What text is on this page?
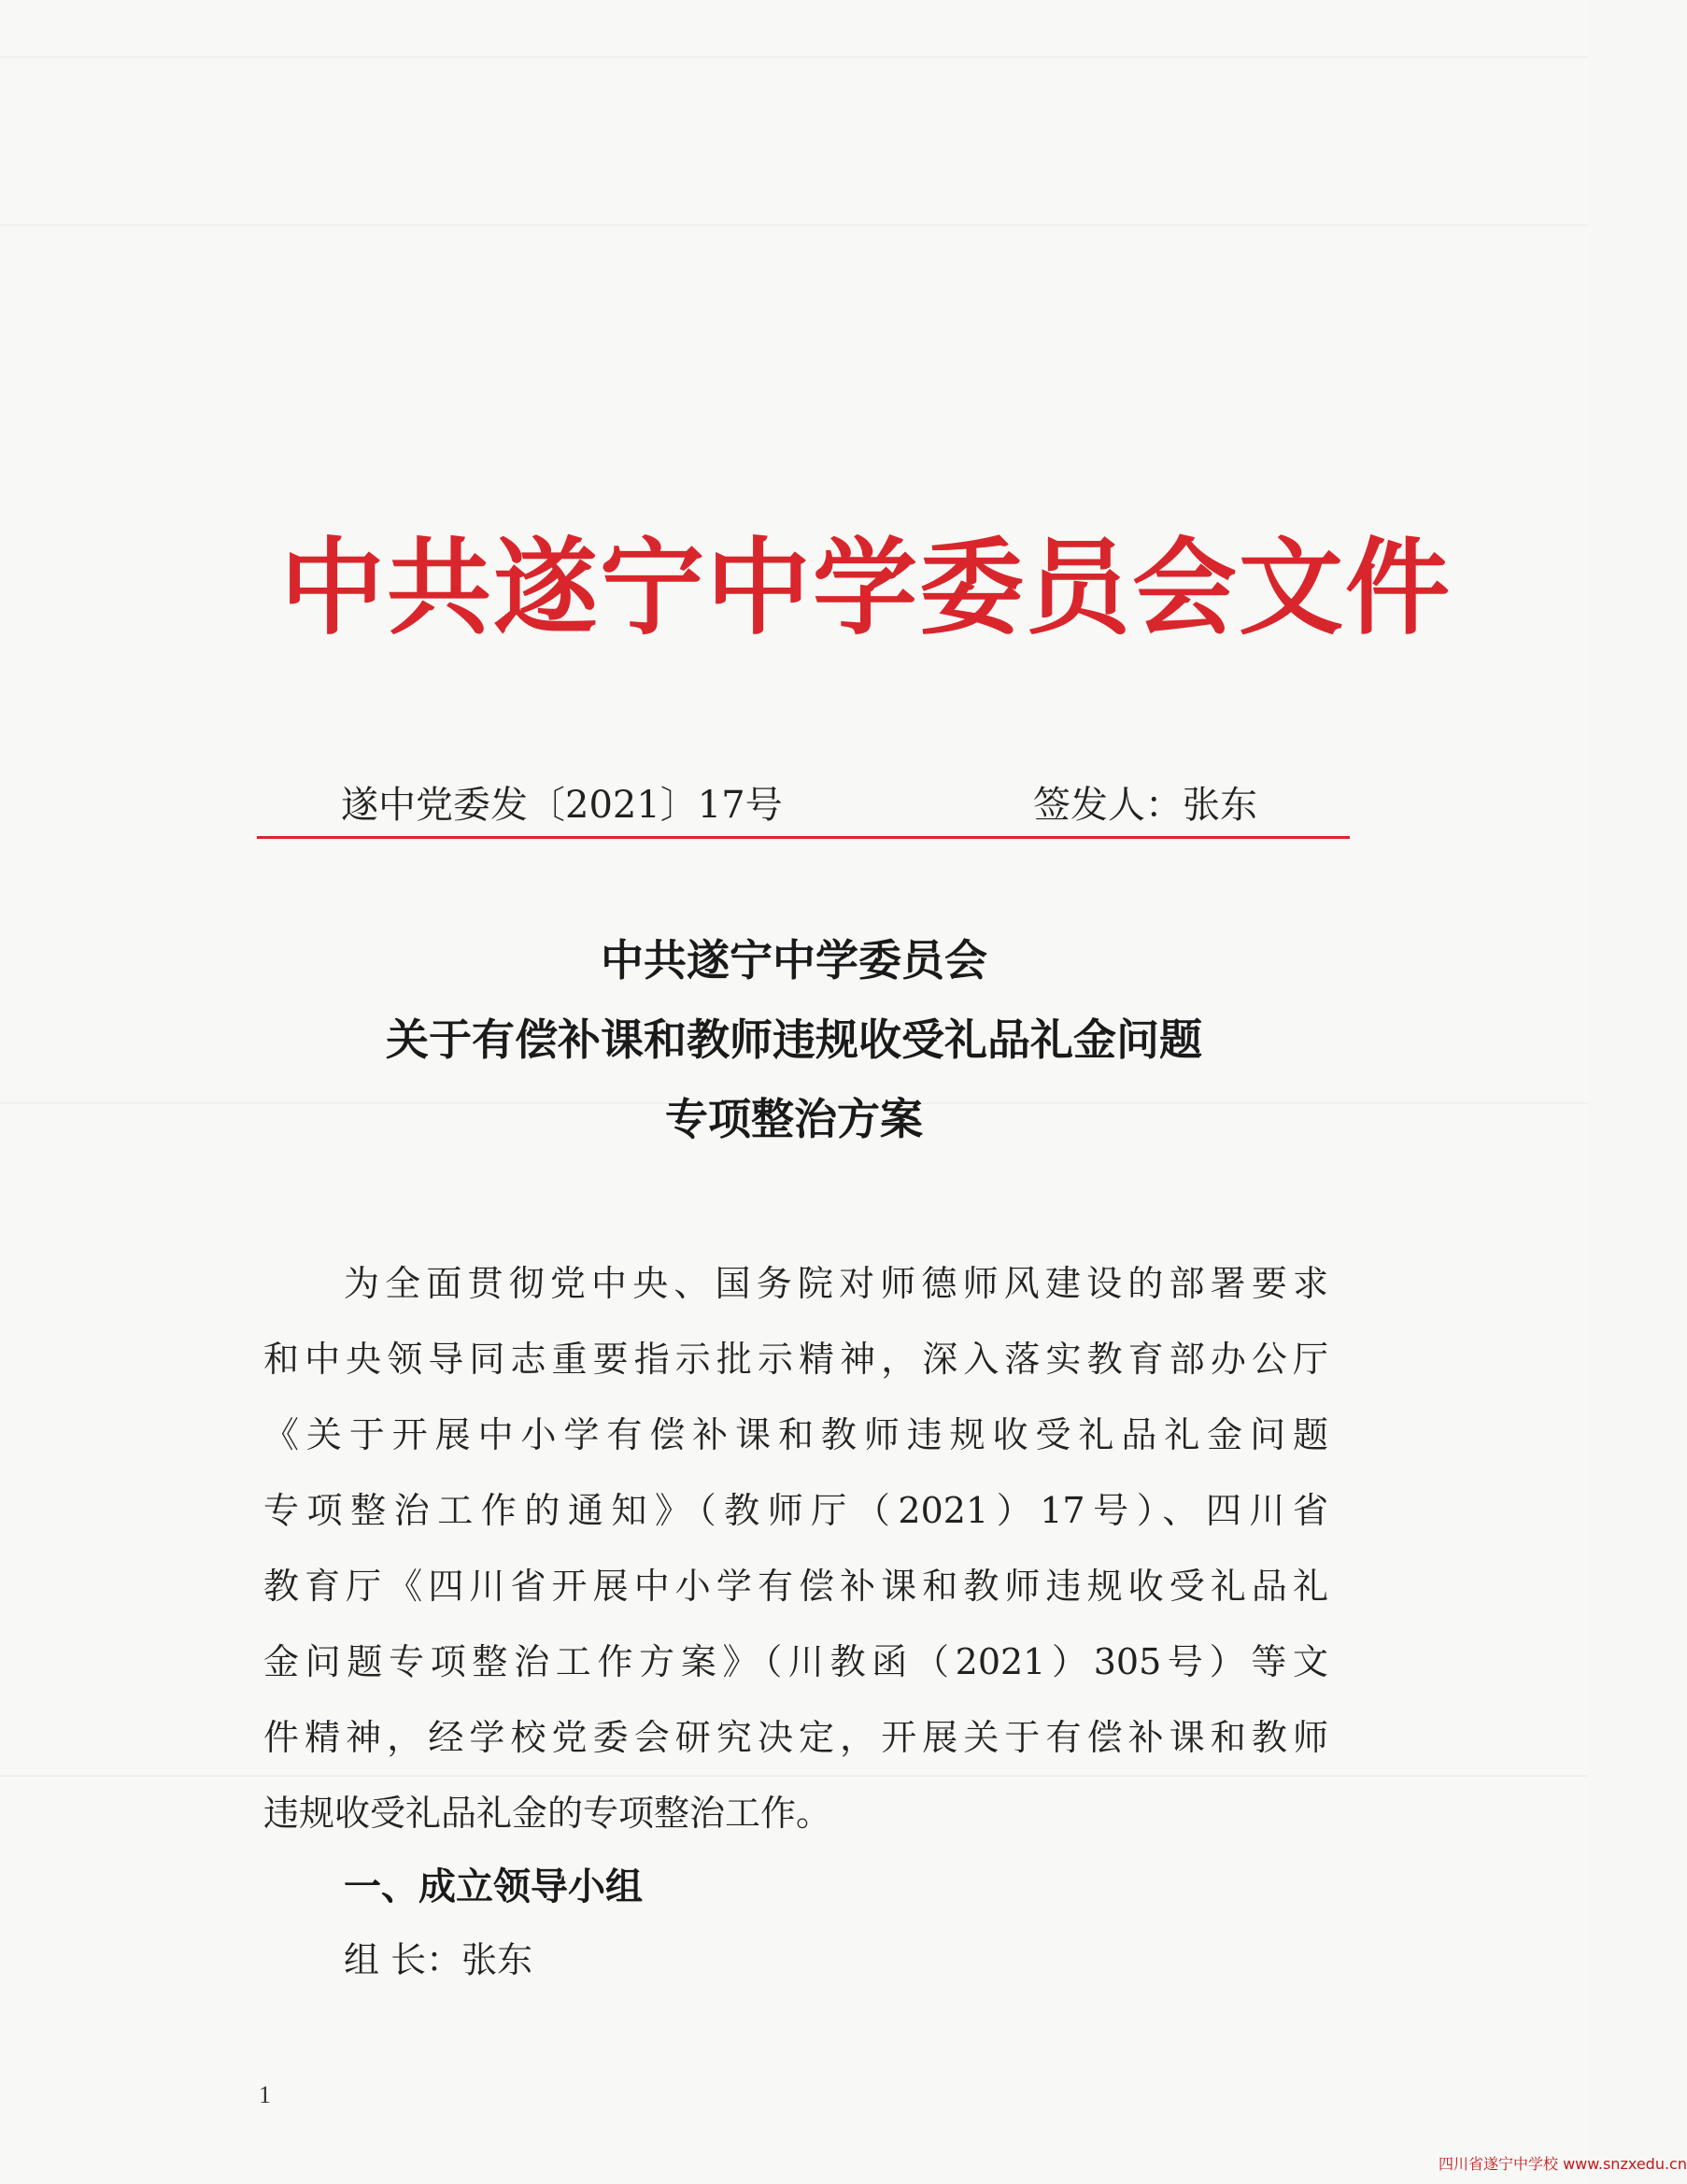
中共遂宁中学委员会文件
遂中党委发〔2021〕17号	签发人：张东
中共遂宁中学委员会
关于有偿补课和教师违规收受礼品礼金问题
专项整治方案
为全面贯彻党中央、国务院对师德师风建设的部署要求
和中央领导同志重要指示批示精神，深入落实教育部办公厅
《关于开展中小学有偿补课和教师违规收受礼品礼金问题
专项整治工作的通知》（教师厅（2021）17号）、四川省
教育厅《四川省开展中小学有偿补课和教师违规收受礼品礼
金问题专项整治工作方案》（川教函（2021）305号）等文
件精神，经学校党委会研究决定，开展关于有偿补课和教师
违规收受礼品礼金的专项整治工作。
一、成立领导小组
组 长：张东
1
四川省遂宁中学校 www.snzxedu.cn
